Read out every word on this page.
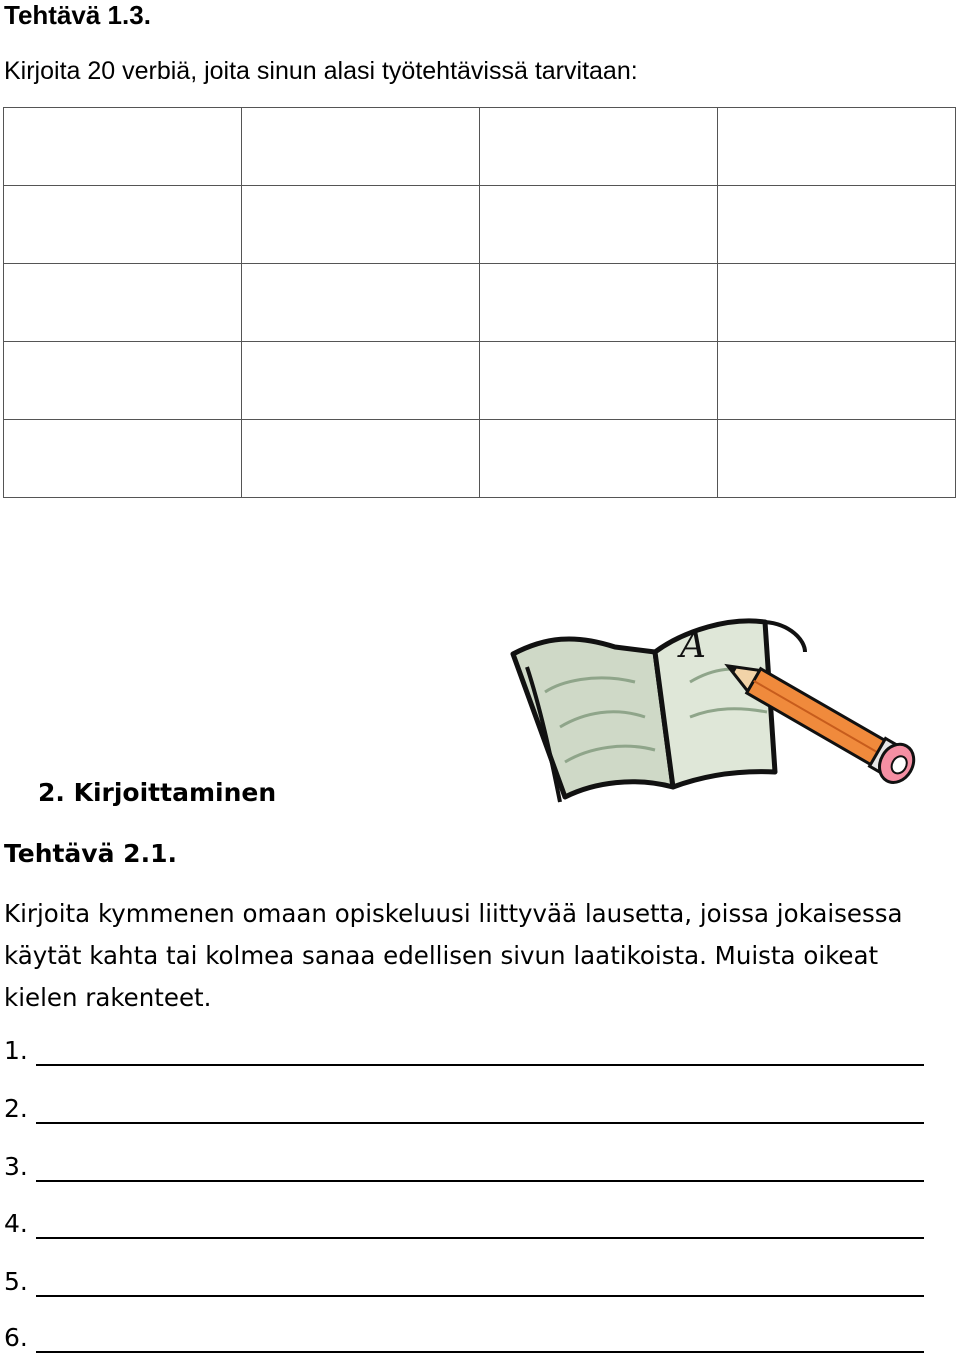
Tehtävä 1.3.
Kirjoita 20 verbiä, joita sinun alasi työtehtävissä tarvitaan:

A
2. Kirjoittaminen
Tehtävä 2.1.
Kirjoita kymmenen omaan opiskeluusi liittyvää lausetta, joissa jokaisessa käytät kahta tai kolmea sanaa edellisen sivun laatikoista. Muista oikeat kielen rakenteet.
1.
2.
3.
4.
5.
6.
